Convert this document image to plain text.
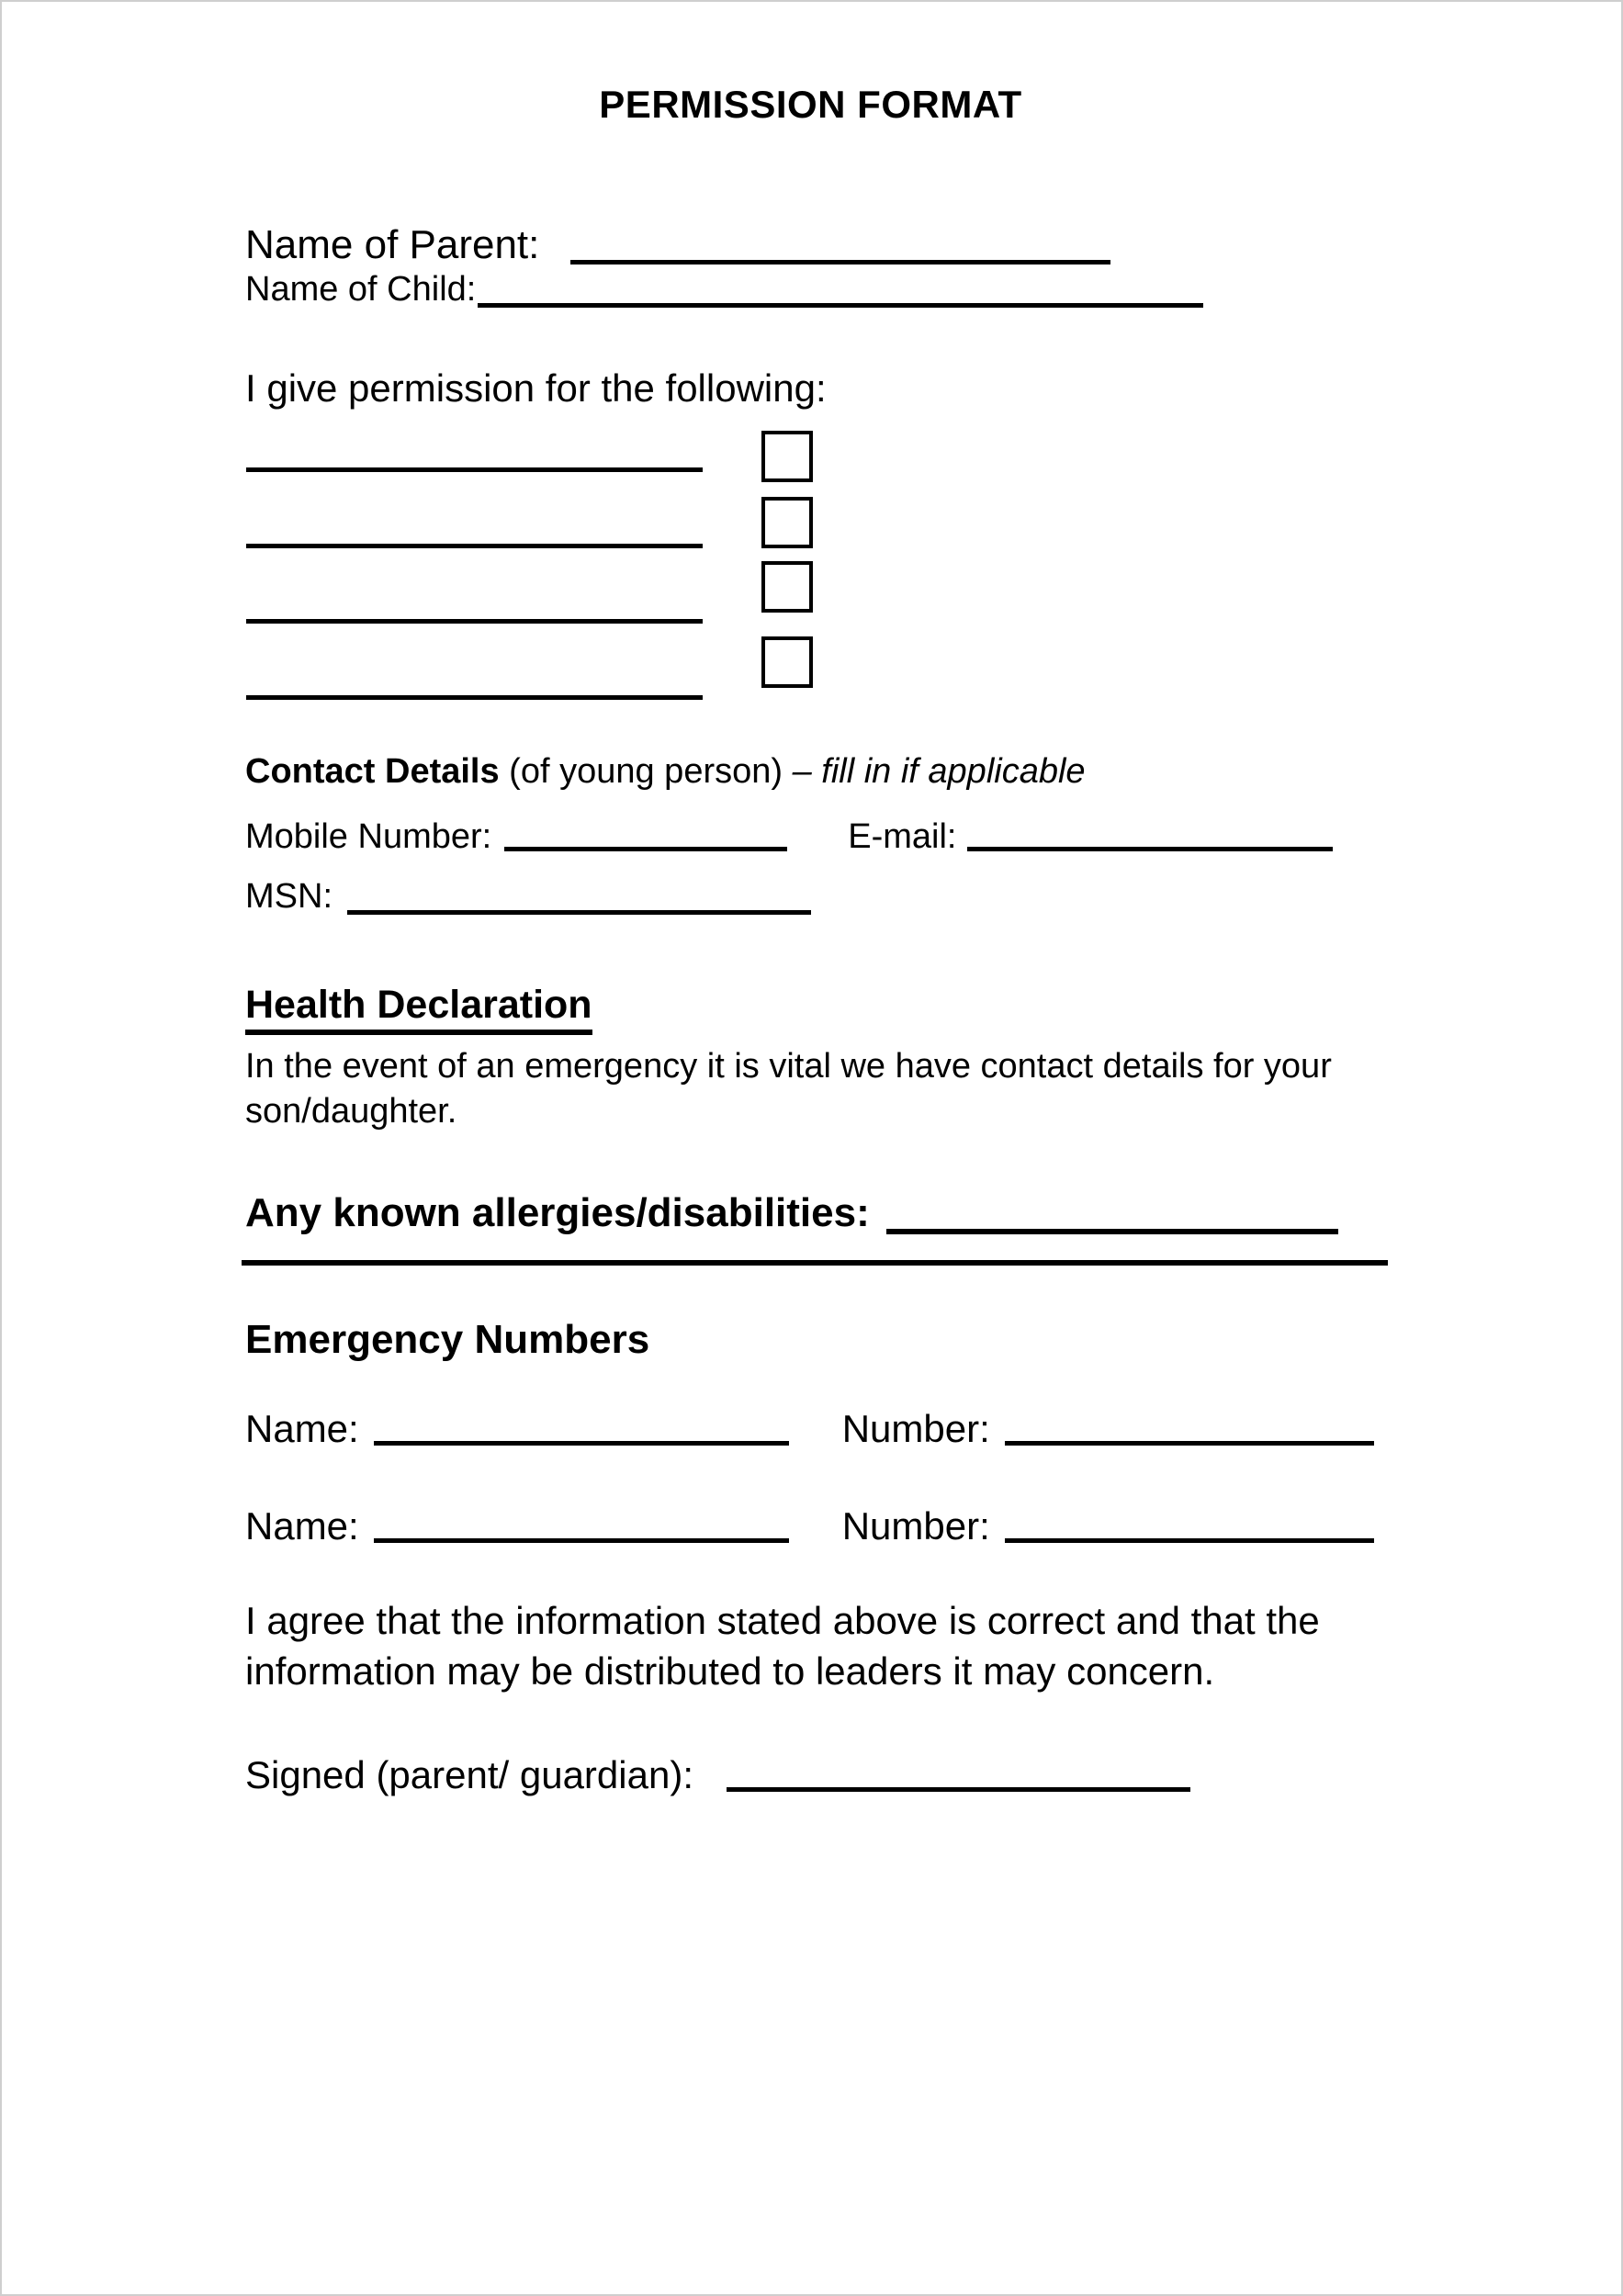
PERMISSION FORMAT
Name of Parent:
Name of Child:
I give permission for the following:
Contact Details (of young person) – fill in if applicable
Mobile Number:	E-mail:
MSN:
Health Declaration
In the event of an emergency it is vital we have contact details for your son/daughter.
Any known allergies/disabilities:
Emergency Numbers
Name:	Number:
Name:	Number:
I agree that the information stated above is correct and that the information may be distributed to leaders it may concern.
Signed (parent/ guardian):
